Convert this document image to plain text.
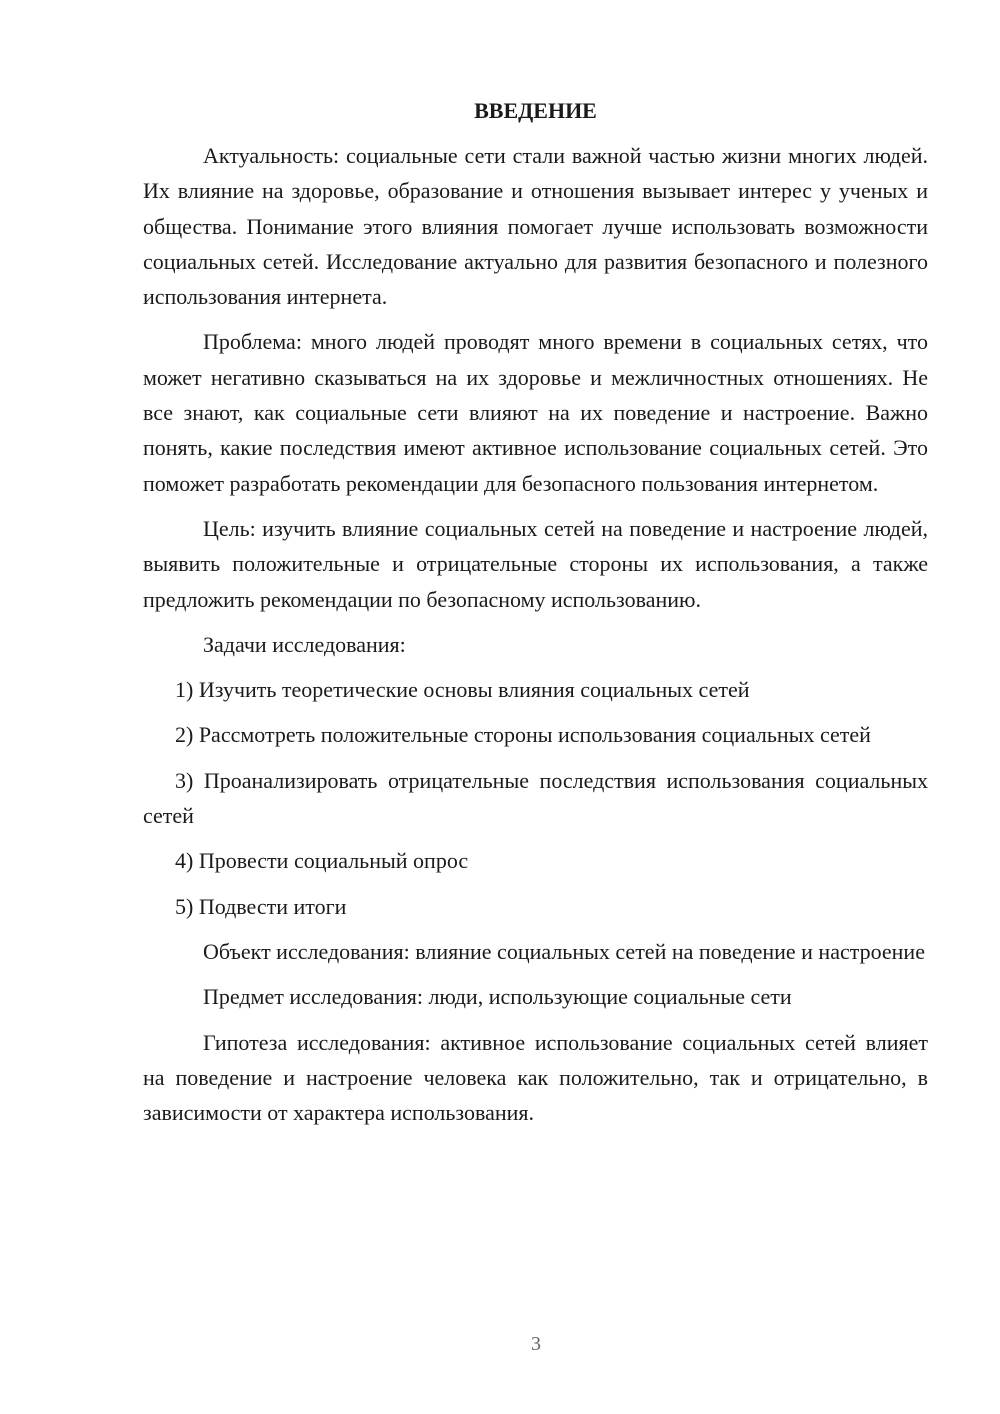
ВВЕДЕНИЕ

Актуальность: социальные сети стали важной частью жизни многих людей. Их влияние на здоровье, образование и отношения вызывает интерес у ученых и общества. Понимание этого влияния помогает лучше использовать возможности социальных сетей. Исследование актуально для развития безопасного и полезного использования интернета.

Проблема: много людей проводят много времени в социальных сетях, что может негативно сказываться на их здоровье и межличностных отношениях. Не все знают, как социальные сети влияют на их поведение и настроение. Важно понять, какие последствия имеют активное использование социальных сетей. Это поможет разработать рекомендации для безопасного пользования интернетом.

Цель: изучить влияние социальных сетей на поведение и настроение людей, выявить положительные и отрицательные стороны их использования, а также предложить рекомендации по безопасному использованию.

Задачи исследования:

1) Изучить теоретические основы влияния социальных сетей

2) Рассмотреть положительные стороны использования социальных сетей

3) Проанализировать отрицательные последствия использования социальных сетей

4) Провести социальный опрос

5) Подвести итоги

Объект исследования: влияние социальных сетей на поведение и настроение

Предмет исследования: люди, использующие социальные сети

Гипотеза исследования: активное использование социальных сетей влияет на поведение и настроение человека как положительно, так и отрицательно, в зависимости от характера использования.

3
